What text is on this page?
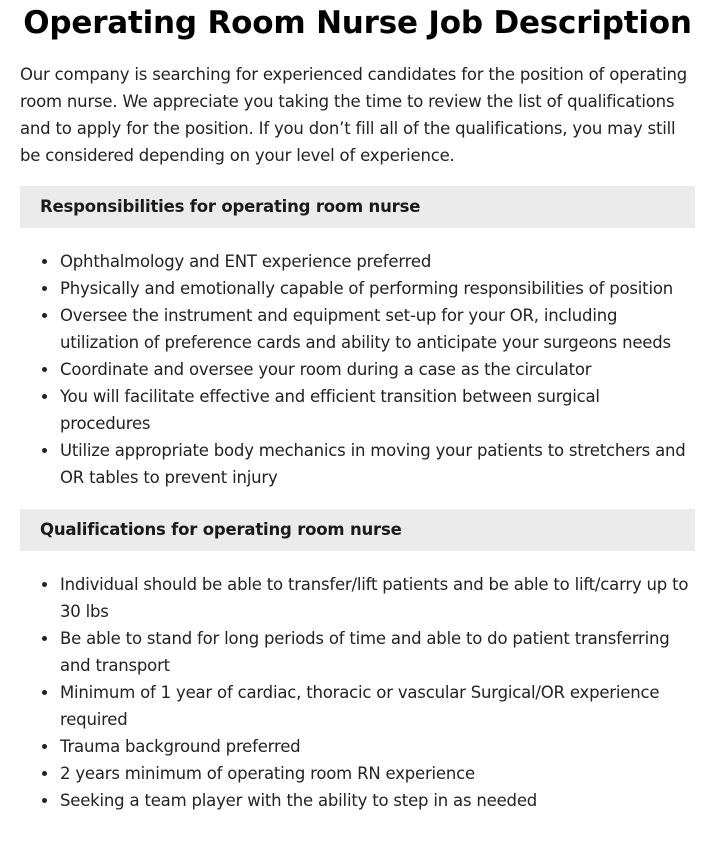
Operating Room Nurse Job Description

Our company is searching for experienced candidates for the position of operating room nurse. We appreciate you taking the time to review the list of qualifications and to apply for the position. If you don’t fill all of the qualifications, you may still be considered depending on your level of experience.

Responsibilities for operating room nurse
Ophthalmology and ENT experience preferred
Physically and emotionally capable of performing responsibilities of position
Oversee the instrument and equipment set-up for your OR, including utilization of preference cards and ability to anticipate your surgeons needs
Coordinate and oversee your room during a case as the circulator
You will facilitate effective and efficient transition between surgical procedures
Utilize appropriate body mechanics in moving your patients to stretchers and OR tables to prevent injury
Qualifications for operating room nurse
Individual should be able to transfer/lift patients and be able to lift/carry up to 30 lbs
Be able to stand for long periods of time and able to do patient transferring and transport
Minimum of 1 year of cardiac, thoracic or vascular Surgical/OR experience required
Trauma background preferred
2 years minimum of operating room RN experience
Seeking a team player with the ability to step in as needed
